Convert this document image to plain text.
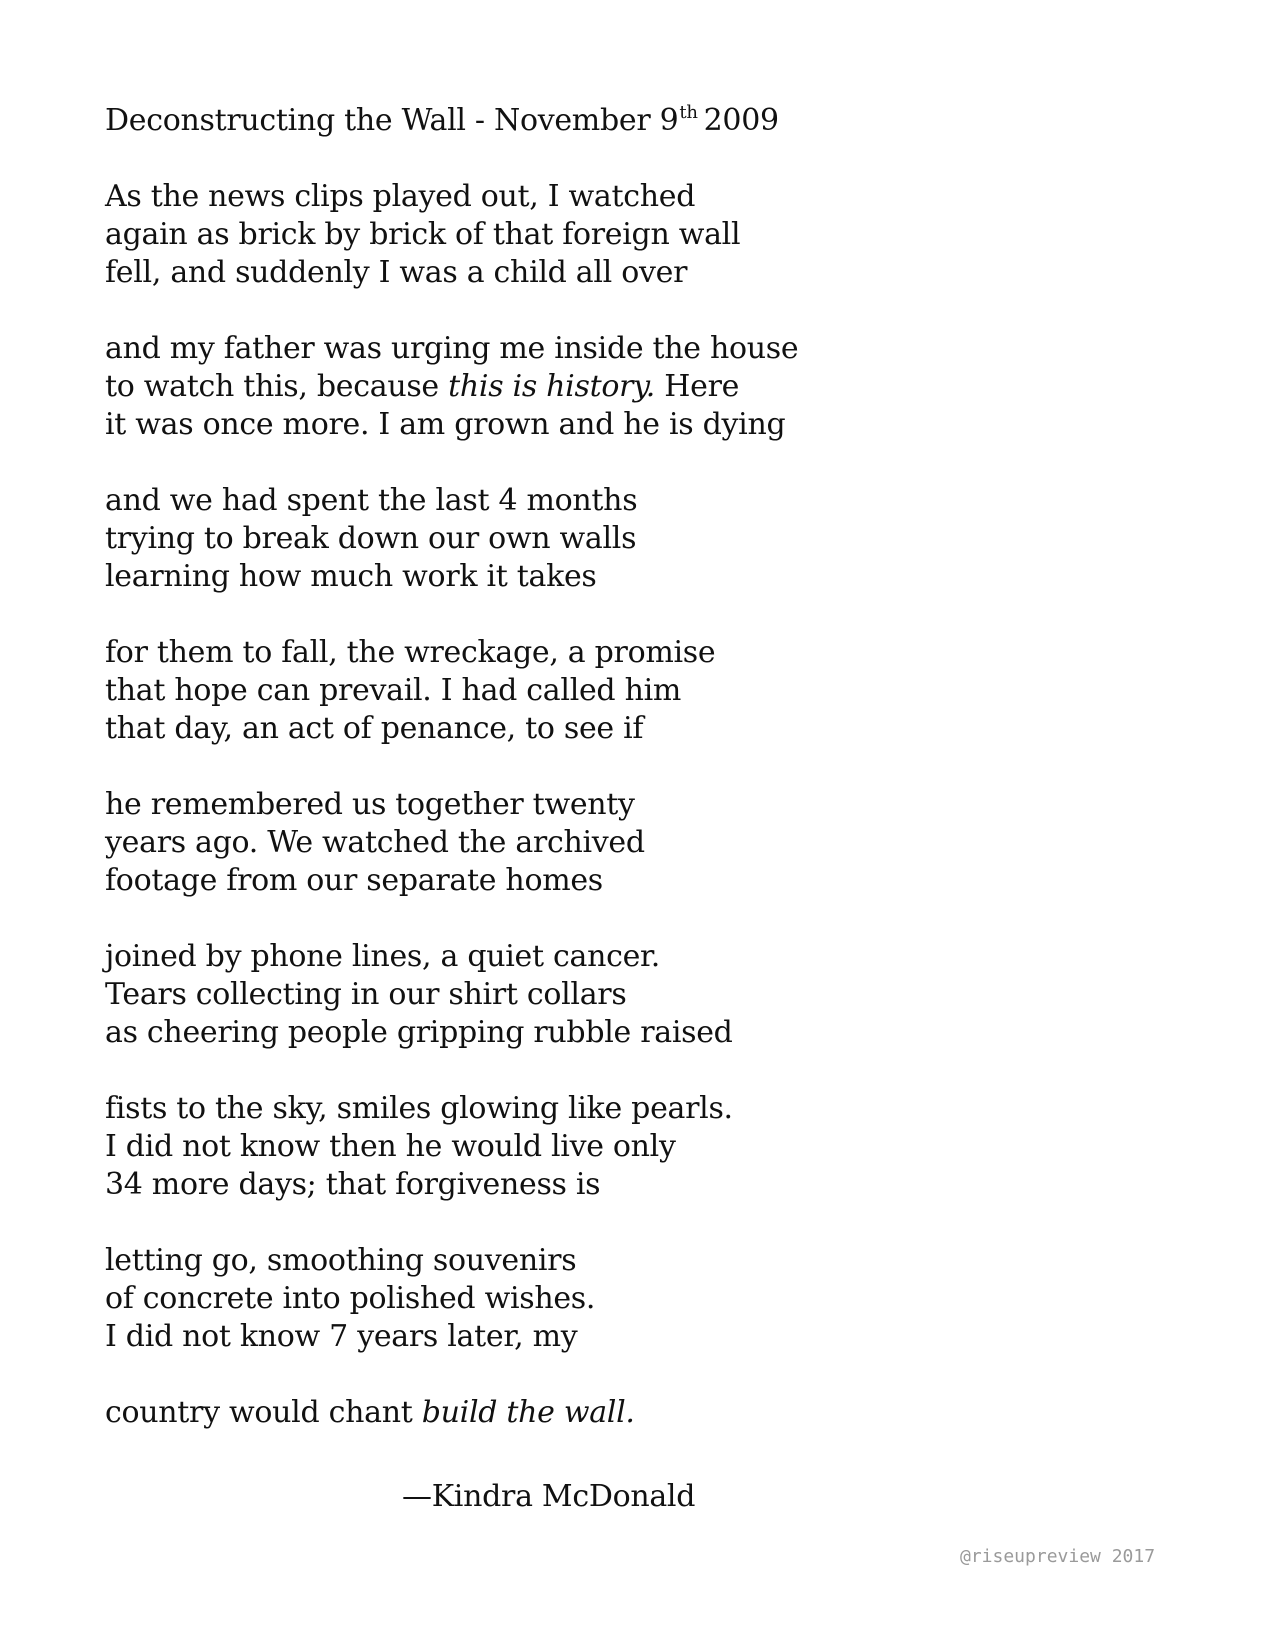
Deconstructing the Wall - November 9th 2009
As the news clips played out, I watched
again as brick by brick of that foreign wall
fell, and suddenly I was a child all over
and my father was urging me inside the house
to watch this, because this is history. Here
it was once more. I am grown and he is dying
and we had spent the last 4 months
trying to break down our own walls
learning how much work it takes
for them to fall, the wreckage, a promise
that hope can prevail. I had called him
that day, an act of penance, to see if
he remembered us together twenty
years ago. We watched the archived
footage from our separate homes
joined by phone lines, a quiet cancer.
Tears collecting in our shirt collars
as cheering people gripping rubble raised
fists to the sky, smiles glowing like pearls.
I did not know then he would live only
34 more days; that forgiveness is
letting go, smoothing souvenirs
of concrete into polished wishes.
I did not know 7 years later, my
country would chant build the wall.
—Kindra McDonald
@riseupreview 2017
